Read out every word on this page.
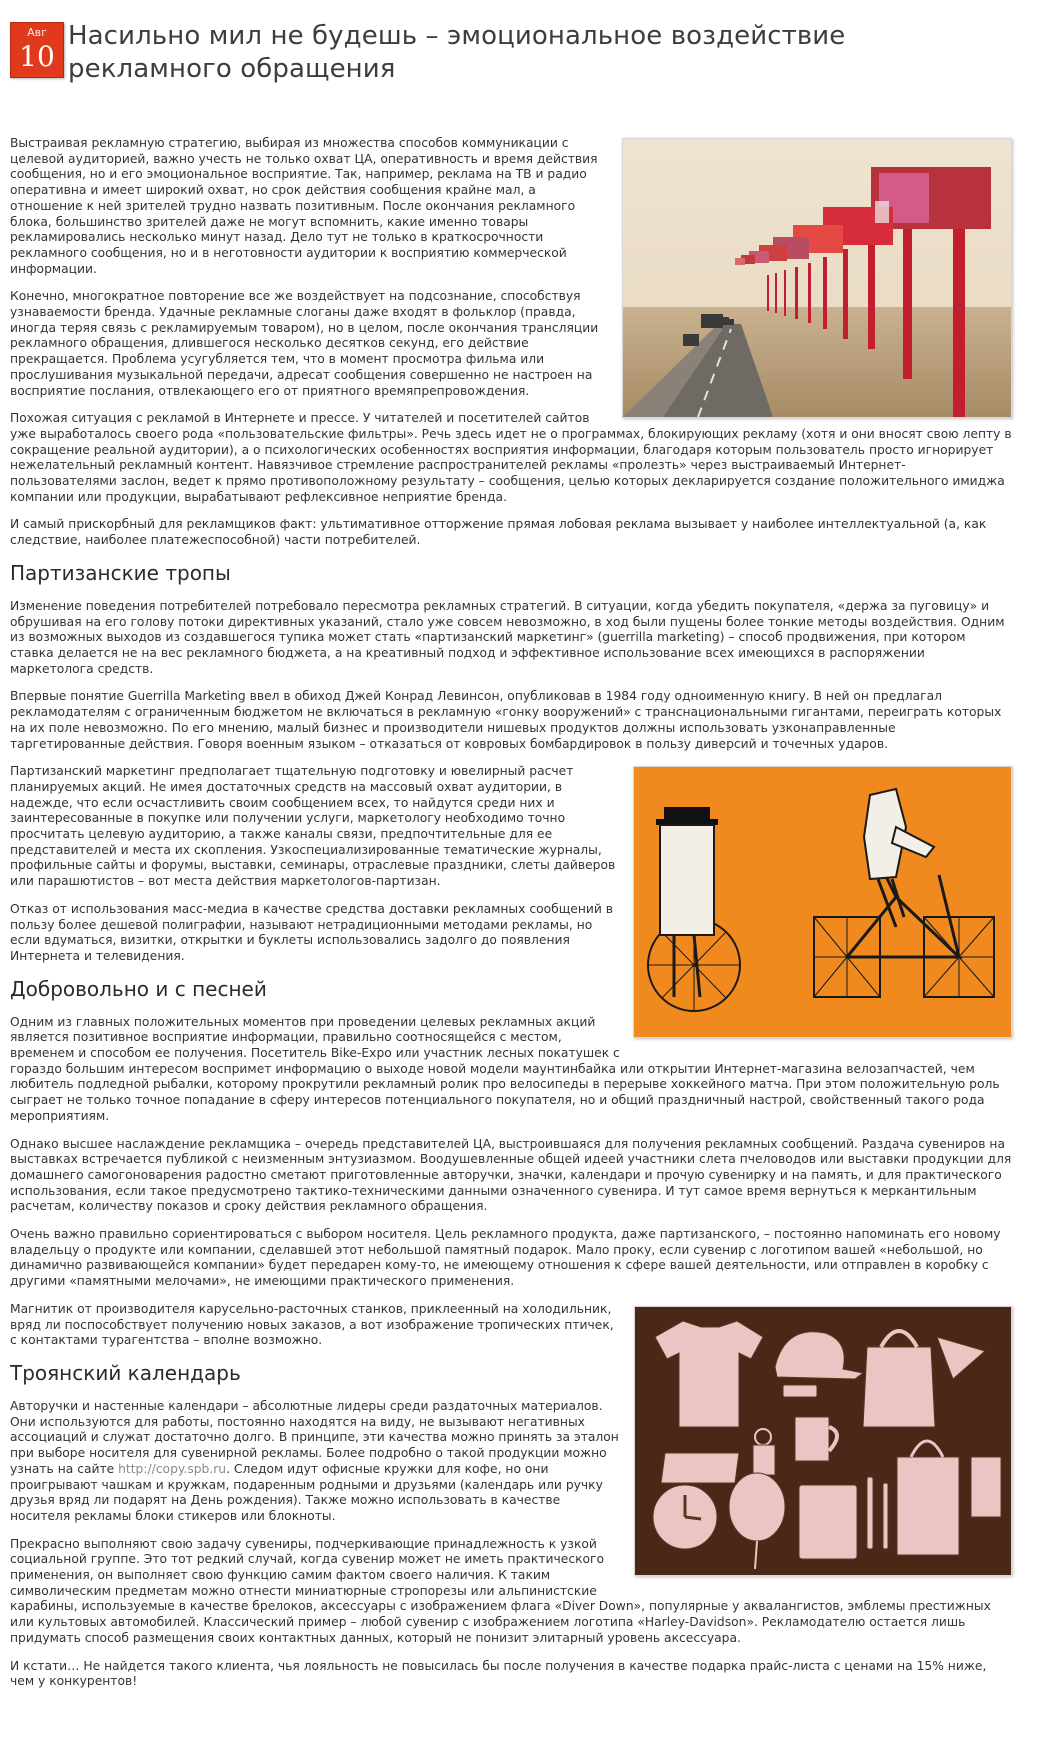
Авг
10
Насильно мил не будешь – эмоциональное воздействие рекламного обращения

Выстраивая рекламную стратегию, выбирая из множества способов коммуникации с целевой аудиторией, важно учесть не только охват ЦА, оперативность и время действия сообщения, но и его эмоциональное восприятие. Так, например, реклама на ТВ и радио оперативна и имеет широкий охват, но срок действия сообщения крайне мал, а отношение к ней зрителей трудно назвать позитивным. После окончания рекламного блока, большинство зрителей даже не могут вспомнить, какие именно товары рекламировались несколько минут назад. Дело тут не только в краткосрочности рекламного сообщения, но и в неготовности аудитории к восприятию коммерческой информации.

Конечно, многократное повторение все же воздействует на подсознание, способствуя узнаваемости бренда. Удачные рекламные слоганы даже входят в фольклор (правда, иногда теряя связь с рекламируемым товаром), но в целом, после окончания трансляции рекламного обращения, длившегося несколько десятков секунд, его действие прекращается. Проблема усугубляется тем, что в момент просмотра фильма или прослушивания музыкальной передачи, адресат сообщения совершенно не настроен на восприятие послания, отвлекающего его от приятного времяпрепровождения.

Похожая ситуация с рекламой в Интернете и прессе. У читателей и посетителей сайтов уже выработалось своего рода «пользовательские фильтры». Речь здесь идет не о программах, блокирующих рекламу (хотя и они вносят свою лепту в сокращение реальной аудитории), а о психологических особенностях восприятия информации, благодаря которым пользователь просто игнорирует нежелательный рекламный контент. Навязчивое стремление распространителей рекламы «пролезть» через выстраиваемый Интернет-пользователями заслон, ведет к прямо противоположному результату – сообщения, целью которых декларируется создание положительного имиджа компании или продукции, вырабатывают рефлексивное неприятие бренда.

И самый прискорбный для рекламщиков факт: ультимативное отторжение прямая лобовая реклама вызывает у наиболее интеллектуальной (а, как следствие, наиболее платежеспособной) части потребителей.

Партизанские тропы

Изменение поведения потребителей потребовало пересмотра рекламных стратегий. В ситуации, когда убедить покупателя, «держа за пуговицу» и обрушивая на его голову потоки директивных указаний, стало уже совсем невозможно, в ход были пущены более тонкие методы воздействия. Одним из возможных выходов из создавшегося тупика может стать «партизанский маркетинг» (guerrilla marketing) – способ продвижения, при котором ставка делается не на вес рекламного бюджета, а на креативный подход и эффективное использование всех имеющихся в распоряжении маркетолога средств.

Впервые понятие Guerrilla Marketing ввел в обиход Джей Конрад Левинсон, опубликовав в 1984 году одноименную книгу. В ней он предлагал рекламодателям с ограниченным бюджетом не включаться в рекламную «гонку вооружений» с транснациональными гигантами, переиграть которых на их поле невозможно. По его мнению, малый бизнес и производители нишевых продуктов должны использовать узконаправленные таргетированные действия. Говоря военным языком – отказаться от ковровых бомбардировок в пользу диверсий и точечных ударов.

Партизанский маркетинг предполагает тщательную подготовку и ювелирный расчет планируемых акций. Не имея достаточных средств на массовый охват аудитории, в надежде, что если осчастливить своим сообщением всех, то найдутся среди них и заинтересованные в покупке или получении услуги, маркетологу необходимо точно просчитать целевую аудиторию, а также каналы связи, предпочтительные для ее представителей и места их скопления. Узкоспециализированные тематические журналы, профильные сайты и форумы, выставки, семинары, отраслевые праздники, слеты дайверов или парашютистов – вот места действия маркетологов-партизан.

Отказ от использования масс-медиа в качестве средства доставки рекламных сообщений в пользу более дешевой полиграфии, называют нетрадиционными методами рекламы, но если вдуматься, визитки, открытки и буклеты использовались задолго до появления Интернета и телевидения.

Добровольно и с песней

Одним из главных положительных моментов при проведении целевых рекламных акций является позитивное восприятие информации, правильно соотносящейся с местом, временем и способом ее получения. Посетитель Bike-Expo или участник лесных покатушек с гораздо большим интересом воспримет информацию о выходе новой модели маунтинбайка или открытии Интернет-магазина велозапчастей, чем любитель подледной рыбалки, которому прокрутили рекламный ролик про велосипеды в перерыве хоккейного матча. При этом положительную роль сыграет не только точное попадание в сферу интересов потенциального покупателя, но и общий праздничный настрой, свойственный такого рода мероприятиям.

Однако высшее наслаждение рекламщика – очередь представителей ЦА, выстроившаяся для получения рекламных сообщений. Раздача сувениров на выставках встречается публикой с неизменным энтузиазмом. Воодушевленные общей идеей участники слета пчеловодов или выставки продукции для домашнего самогоноварения радостно сметают приготовленные авторучки, значки, календари и прочую сувенирку и на память, и для практического использования, если такое предусмотрено тактико-техническими данными означенного сувенира. И тут самое время вернуться к меркантильным расчетам, количеству показов и сроку действия рекламного обращения.

Очень важно правильно сориентироваться с выбором носителя. Цель рекламного продукта, даже партизанского, – постоянно напоминать его новому владельцу о продукте или компании, сделавшей этот небольшой памятный подарок. Мало проку, если сувенир с логотипом вашей «небольшой, но динамично развивающейся компании» будет передарен кому-то, не имеющему отношения к сфере вашей деятельности, или отправлен в коробку с другими «памятными мелочами», не имеющими практического применения.

Магнитик от производителя карусельно-расточных станков, приклеенный на холодильник, вряд ли поспособствует получению новых заказов, а вот изображение тропических птичек, с контактами турагентства – вполне возможно.

Троянский календарь

Авторучки и настенные календари – абсолютные лидеры среди раздаточных материалов. Они используются для работы, постоянно находятся на виду, не вызывают негативных ассоциаций и служат достаточно долго. В принципе, эти качества можно принять за эталон при выборе носителя для сувенирной рекламы. Более подробно о такой продукции можно узнать на сайте http://copy.spb.ru. Следом идут офисные кружки для кофе, но они проигрывают чашкам и кружкам, подаренным родными и друзьями (календарь или ручку друзья вряд ли подарят на День рождения). Также можно использовать в качестве носителя рекламы блоки стикеров или блокноты.

Прекрасно выполняют свою задачу сувениры, подчеркивающие принадлежность к узкой социальной группе. Это тот редкий случай, когда сувенир может не иметь практического применения, он выполняет свою функцию самим фактом своего наличия. К таким символическим предметам можно отнести миниатюрные стропорезы или альпинистские карабины, используемые в качестве брелоков, аксессуары с изображением флага «Diver Down», популярные у аквалангистов, эмблемы престижных или культовых автомобилей. Классический пример – любой сувенир с изображением логотипа «Harley-Davidson». Рекламодателю остается лишь придумать способ размещения своих контактных данных, который не понизит элитарный уровень аксессуара.

И кстати… Не найдется такого клиента, чья лояльность не повысилась бы после получения в качестве подарка прайс-листа с ценами на 15% ниже, чем у конкурентов!
